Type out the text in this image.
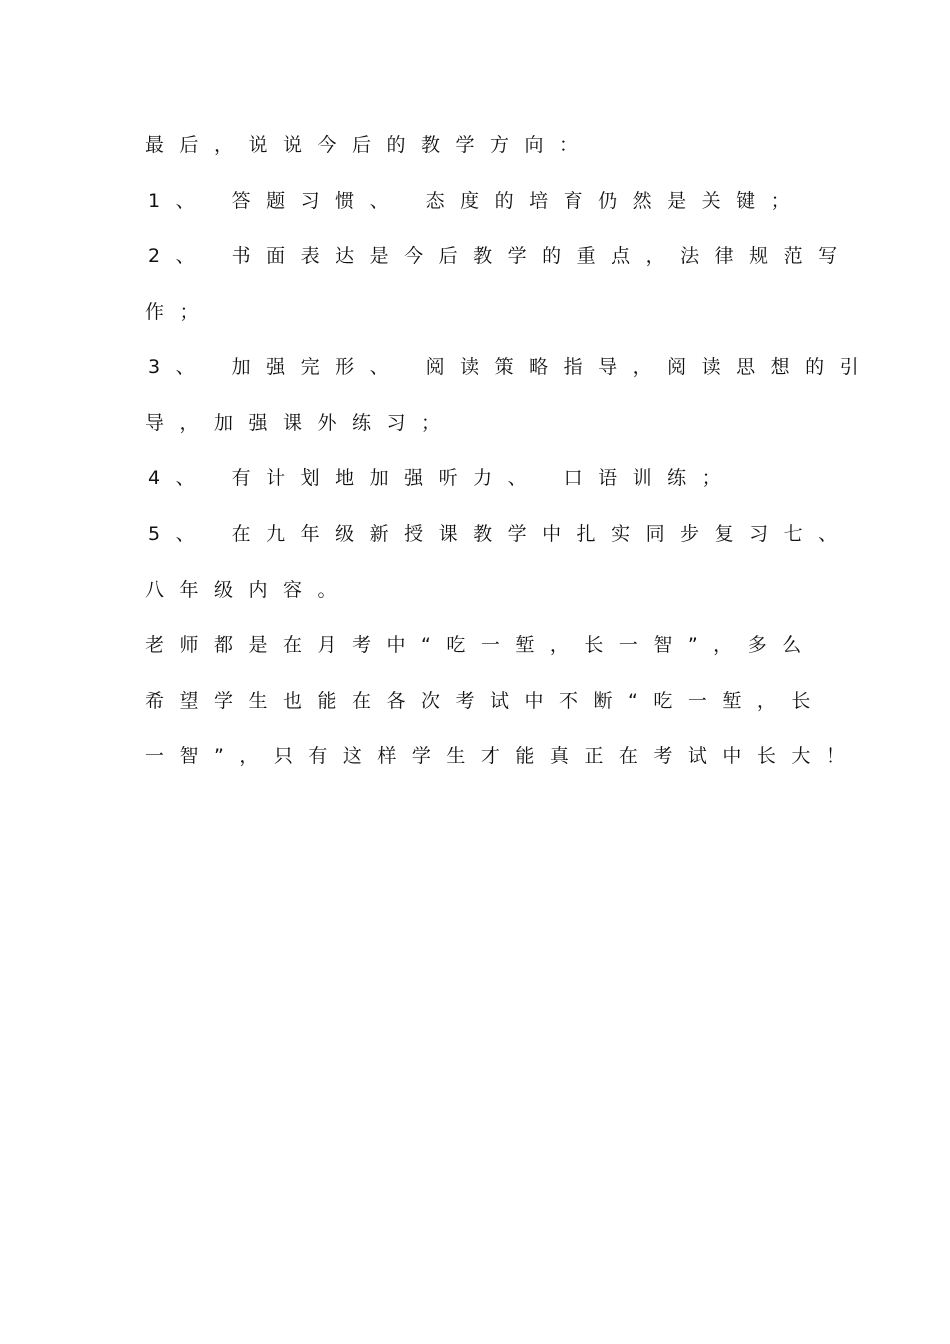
最后，说说今后的教学方向：
1、 答题习惯、 态度的培育仍然是关键；
2、 书面表达是今后教学的重点，法律规范写
作；
3、 加强完形、 阅读策略指导，阅读思想的引
导，加强课外练习；
4、 有计划地加强听力、 口语训练；
5、 在九年级新授课教学中扎实同步复习七、
八年级内容。
老师都是在月考中“吃一堑，长一智”，多么
希望学生也能在各次考试中不断“吃一堑，长
一智”，只有这样学生才能真正在考试中长大！
